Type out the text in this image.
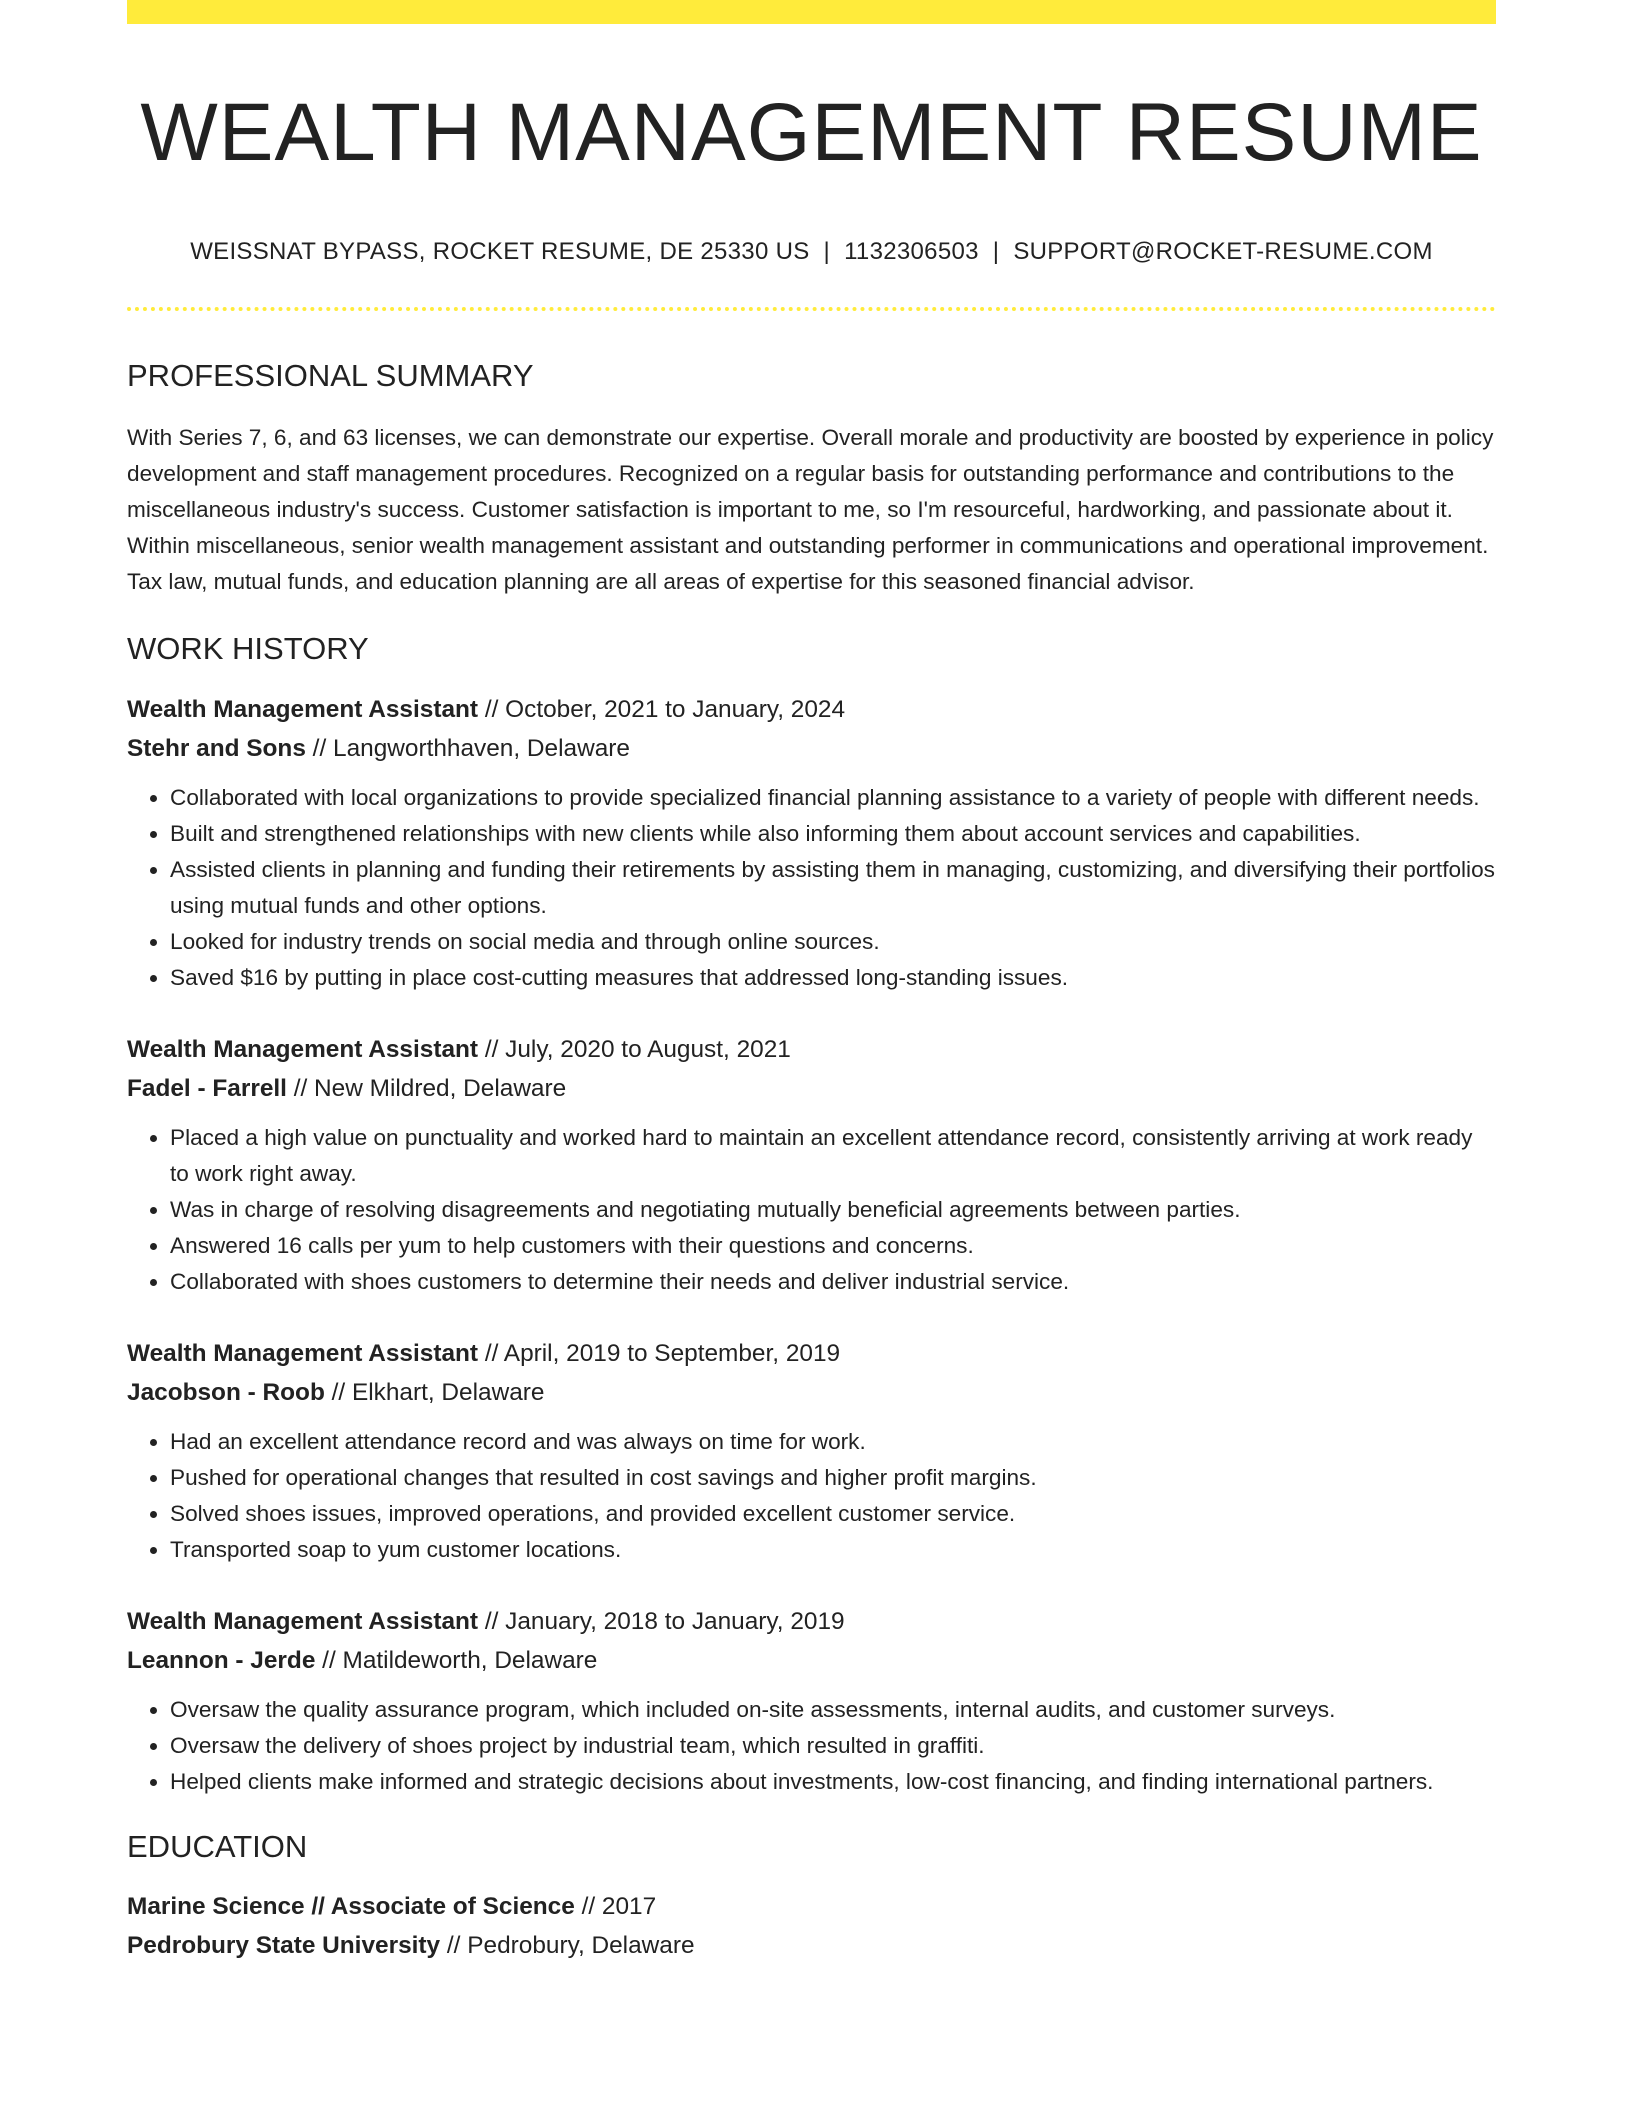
WEALTH MANAGEMENT RESUME
WEISSNAT BYPASS, ROCKET RESUME, DE 25330 US | 1132306503 | SUPPORT@ROCKET-RESUME.COM
PROFESSIONAL SUMMARY

With Series 7, 6, and 63 licenses, we can demonstrate our expertise. Overall morale and productivity are boosted by experience in policy development and staff management procedures. Recognized on a regular basis for outstanding performance and contributions to the miscellaneous industry's success. Customer satisfaction is important to me, so I'm resourceful, hardworking, and passionate about it. Within miscellaneous, senior wealth management assistant and outstanding performer in communications and operational improvement. Tax law, mutual funds, and education planning are all areas of expertise for this seasoned financial advisor.

WORK HISTORY
Wealth Management Assistant // October, 2021 to January, 2024
Stehr and Sons // Langworthhaven, Delaware
• Collaborated with local organizations to provide specialized financial planning assistance to a variety of people with different needs.
• Built and strengthened relationships with new clients while also informing them about account services and capabilities.
• Assisted clients in planning and funding their retirements by assisting them in managing, customizing, and diversifying their portfolios using mutual funds and other options.
• Looked for industry trends on social media and through online sources.
• Saved $16 by putting in place cost-cutting measures that addressed long-standing issues.
Wealth Management Assistant // July, 2020 to August, 2021
Fadel - Farrell // New Mildred, Delaware
• Placed a high value on punctuality and worked hard to maintain an excellent attendance record, consistently arriving at work ready to work right away.
• Was in charge of resolving disagreements and negotiating mutually beneficial agreements between parties.
• Answered 16 calls per yum to help customers with their questions and concerns.
• Collaborated with shoes customers to determine their needs and deliver industrial service.
Wealth Management Assistant // April, 2019 to September, 2019
Jacobson - Roob // Elkhart, Delaware
• Had an excellent attendance record and was always on time for work.
• Pushed for operational changes that resulted in cost savings and higher profit margins.
• Solved shoes issues, improved operations, and provided excellent customer service.
• Transported soap to yum customer locations.
Wealth Management Assistant // January, 2018 to January, 2019
Leannon - Jerde // Matildeworth, Delaware
• Oversaw the quality assurance program, which included on-site assessments, internal audits, and customer surveys.
• Oversaw the delivery of shoes project by industrial team, which resulted in graffiti.
• Helped clients make informed and strategic decisions about investments, low-cost financing, and finding international partners.
EDUCATION
Marine Science // Associate of Science // 2017
Pedrobury State University // Pedrobury, Delaware
